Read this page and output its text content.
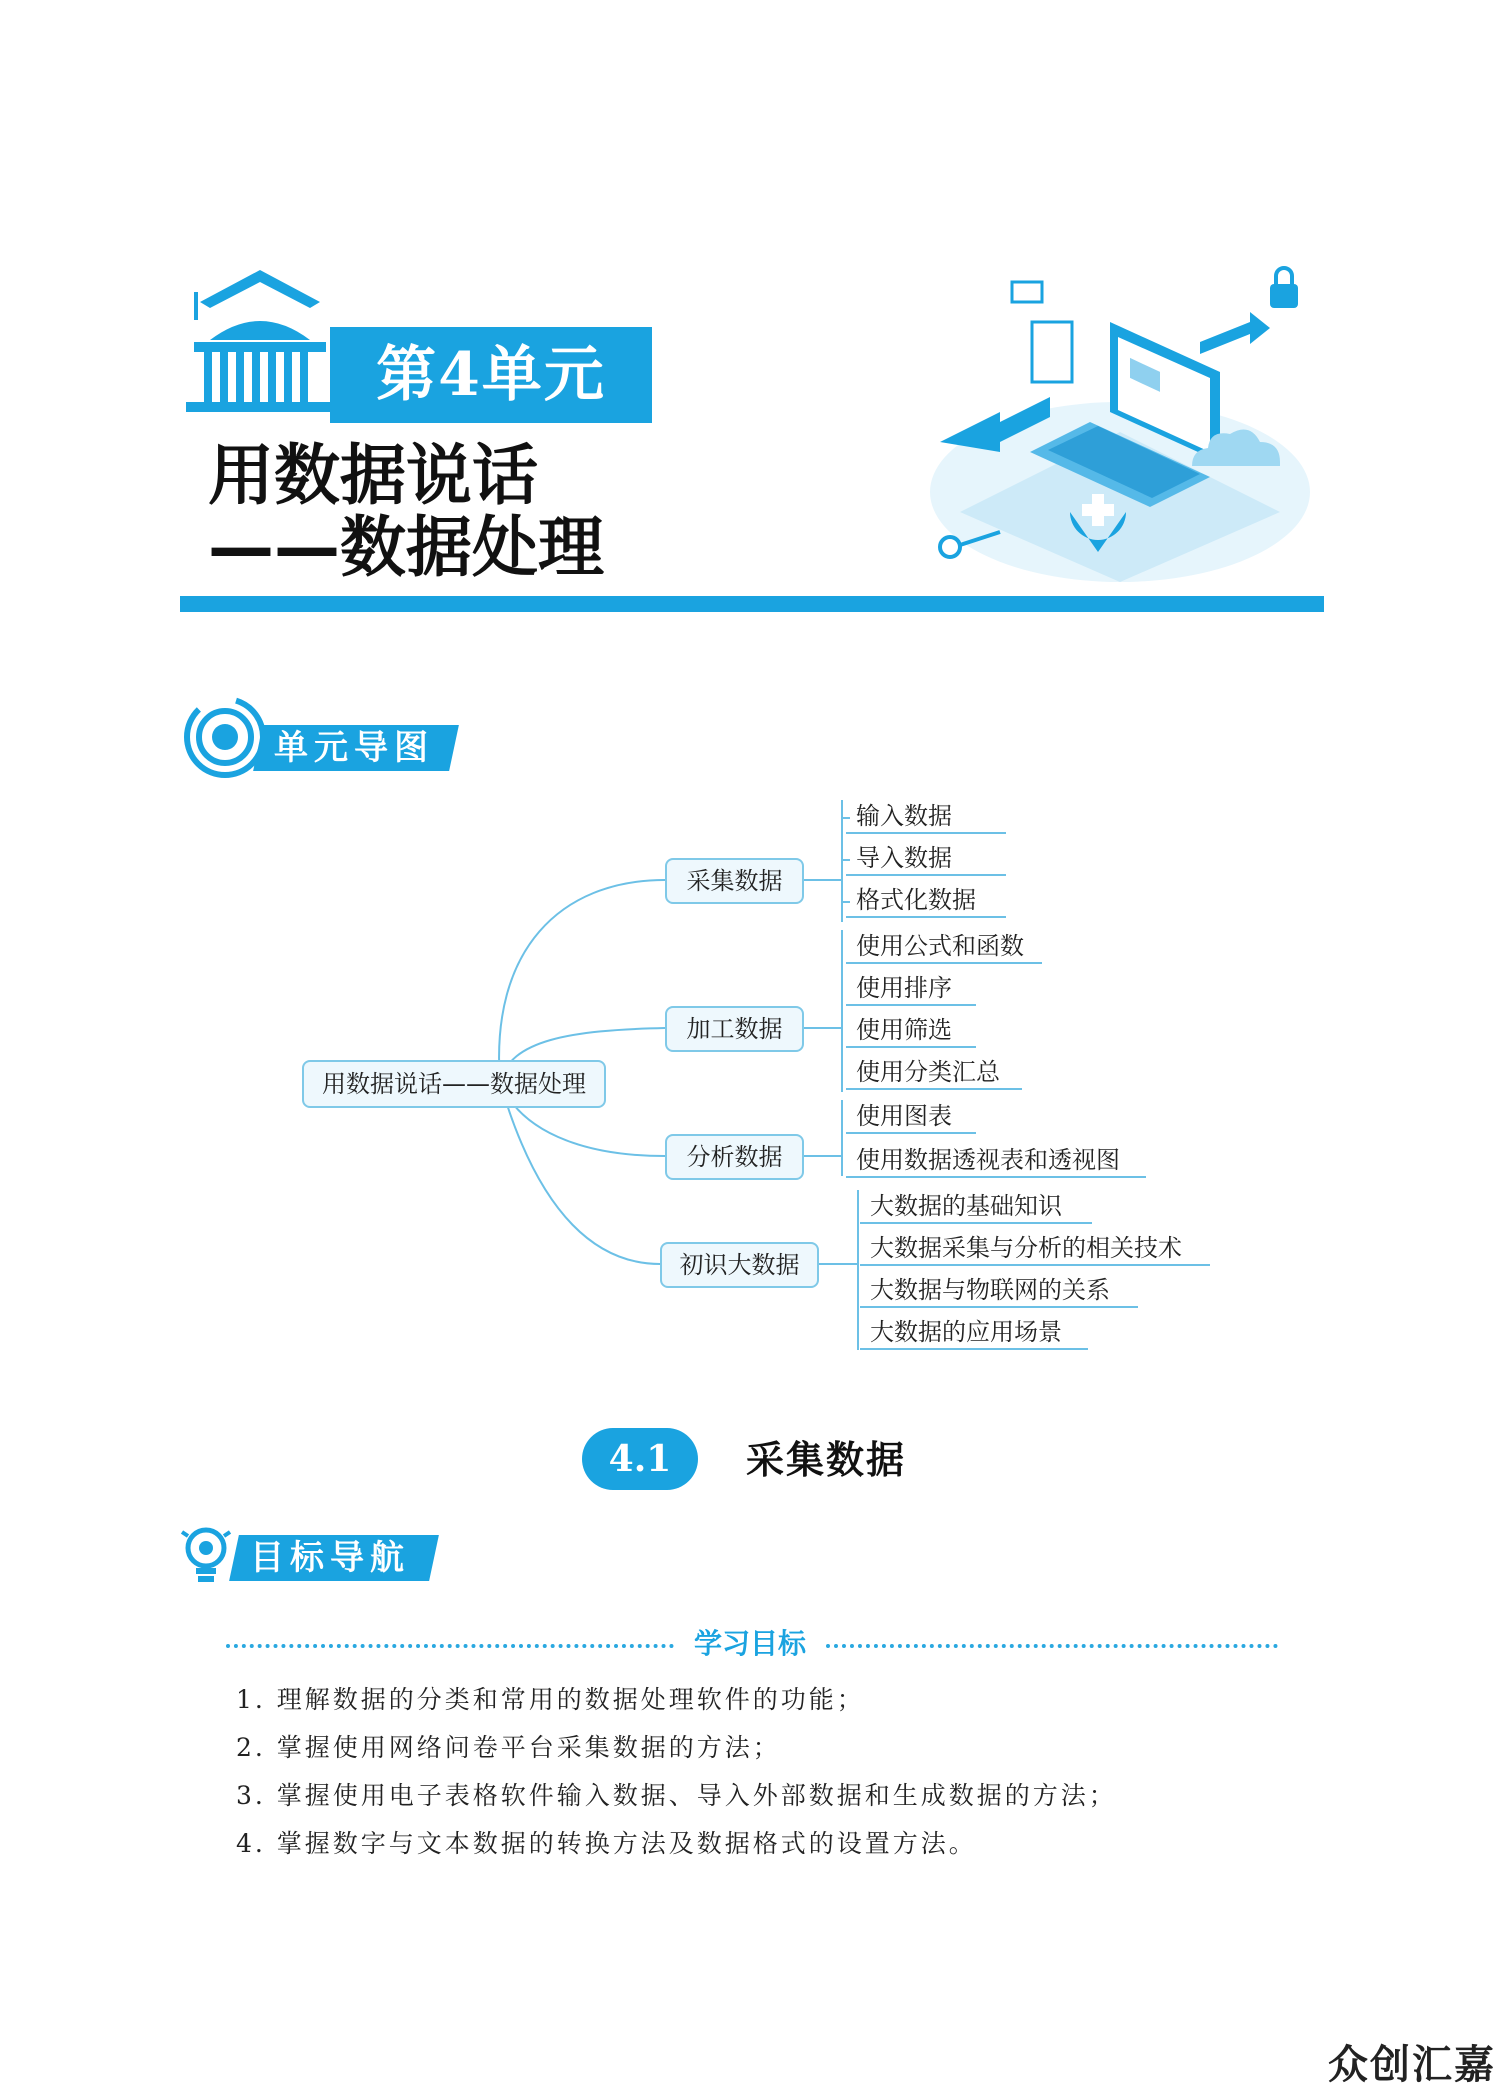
第4单元
用数据说话
——数据处理
单元导图
用数据说话——数据处理
采集数据
加工数据
分析数据
初识大数据
输入数据
导入数据
格式化数据
使用公式和函数
使用排序
使用筛选
使用分类汇总
使用图表
使用数据透视表和透视图
大数据的基础知识
大数据采集与分析的相关技术
大数据与物联网的关系
大数据的应用场景
4.1	采集数据
目标导航
学习目标
1. 理解数据的分类和常用的数据处理软件的功能；
2. 掌握使用网络问卷平台采集数据的方法；
3. 掌握使用电子表格软件输入数据、导入外部数据和生成数据的方法；
4. 掌握数字与文本数据的转换方法及数据格式的设置方法。
众创汇嘉
